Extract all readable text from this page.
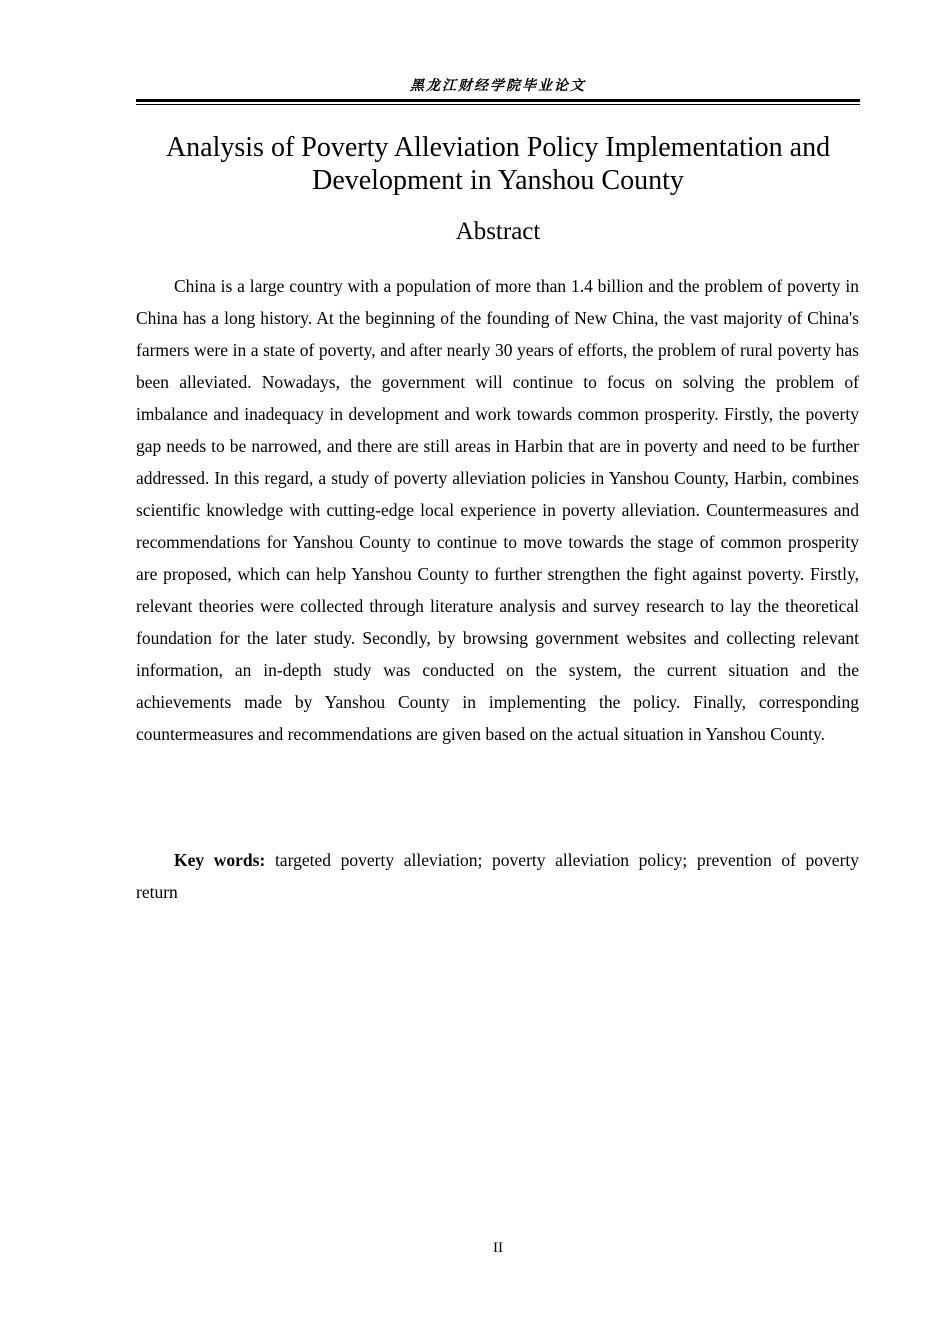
黑龙江财经学院毕业论文
Analysis of Poverty Alleviation Policy Implementation and Development in Yanshou County
Abstract

China is a large country with a population of more than 1.4 billion and the problem of poverty in China has a long history. At the beginning of the founding of New China, the vast majority of China's farmers were in a state of poverty, and after nearly 30 years of efforts, the problem of rural poverty has been alleviated. Nowadays, the government will continue to focus on solving the problem of imbalance and inadequacy in development and work towards common prosperity. Firstly, the poverty gap needs to be narrowed, and there are still areas in Harbin that are in poverty and need to be further addressed. In this regard, a study of poverty alleviation policies in Yanshou County, Harbin, combines scientific knowledge with cutting-edge local experience in poverty alleviation. Countermeasures and recommendations for Yanshou County to continue to move towards the stage of common prosperity are proposed, which can help Yanshou County to further strengthen the fight against poverty. Firstly, relevant theories were collected through literature analysis and survey research to lay the theoretical foundation for the later study. Secondly, by browsing government websites and collecting relevant information, an in-depth study was conducted on the system, the current situation and the achievements made by Yanshou County in implementing the policy. Finally, corresponding countermeasures and recommendations are given based on the actual situation in Yanshou County.

Key words: targeted poverty alleviation; poverty alleviation policy; prevention of poverty return

II
